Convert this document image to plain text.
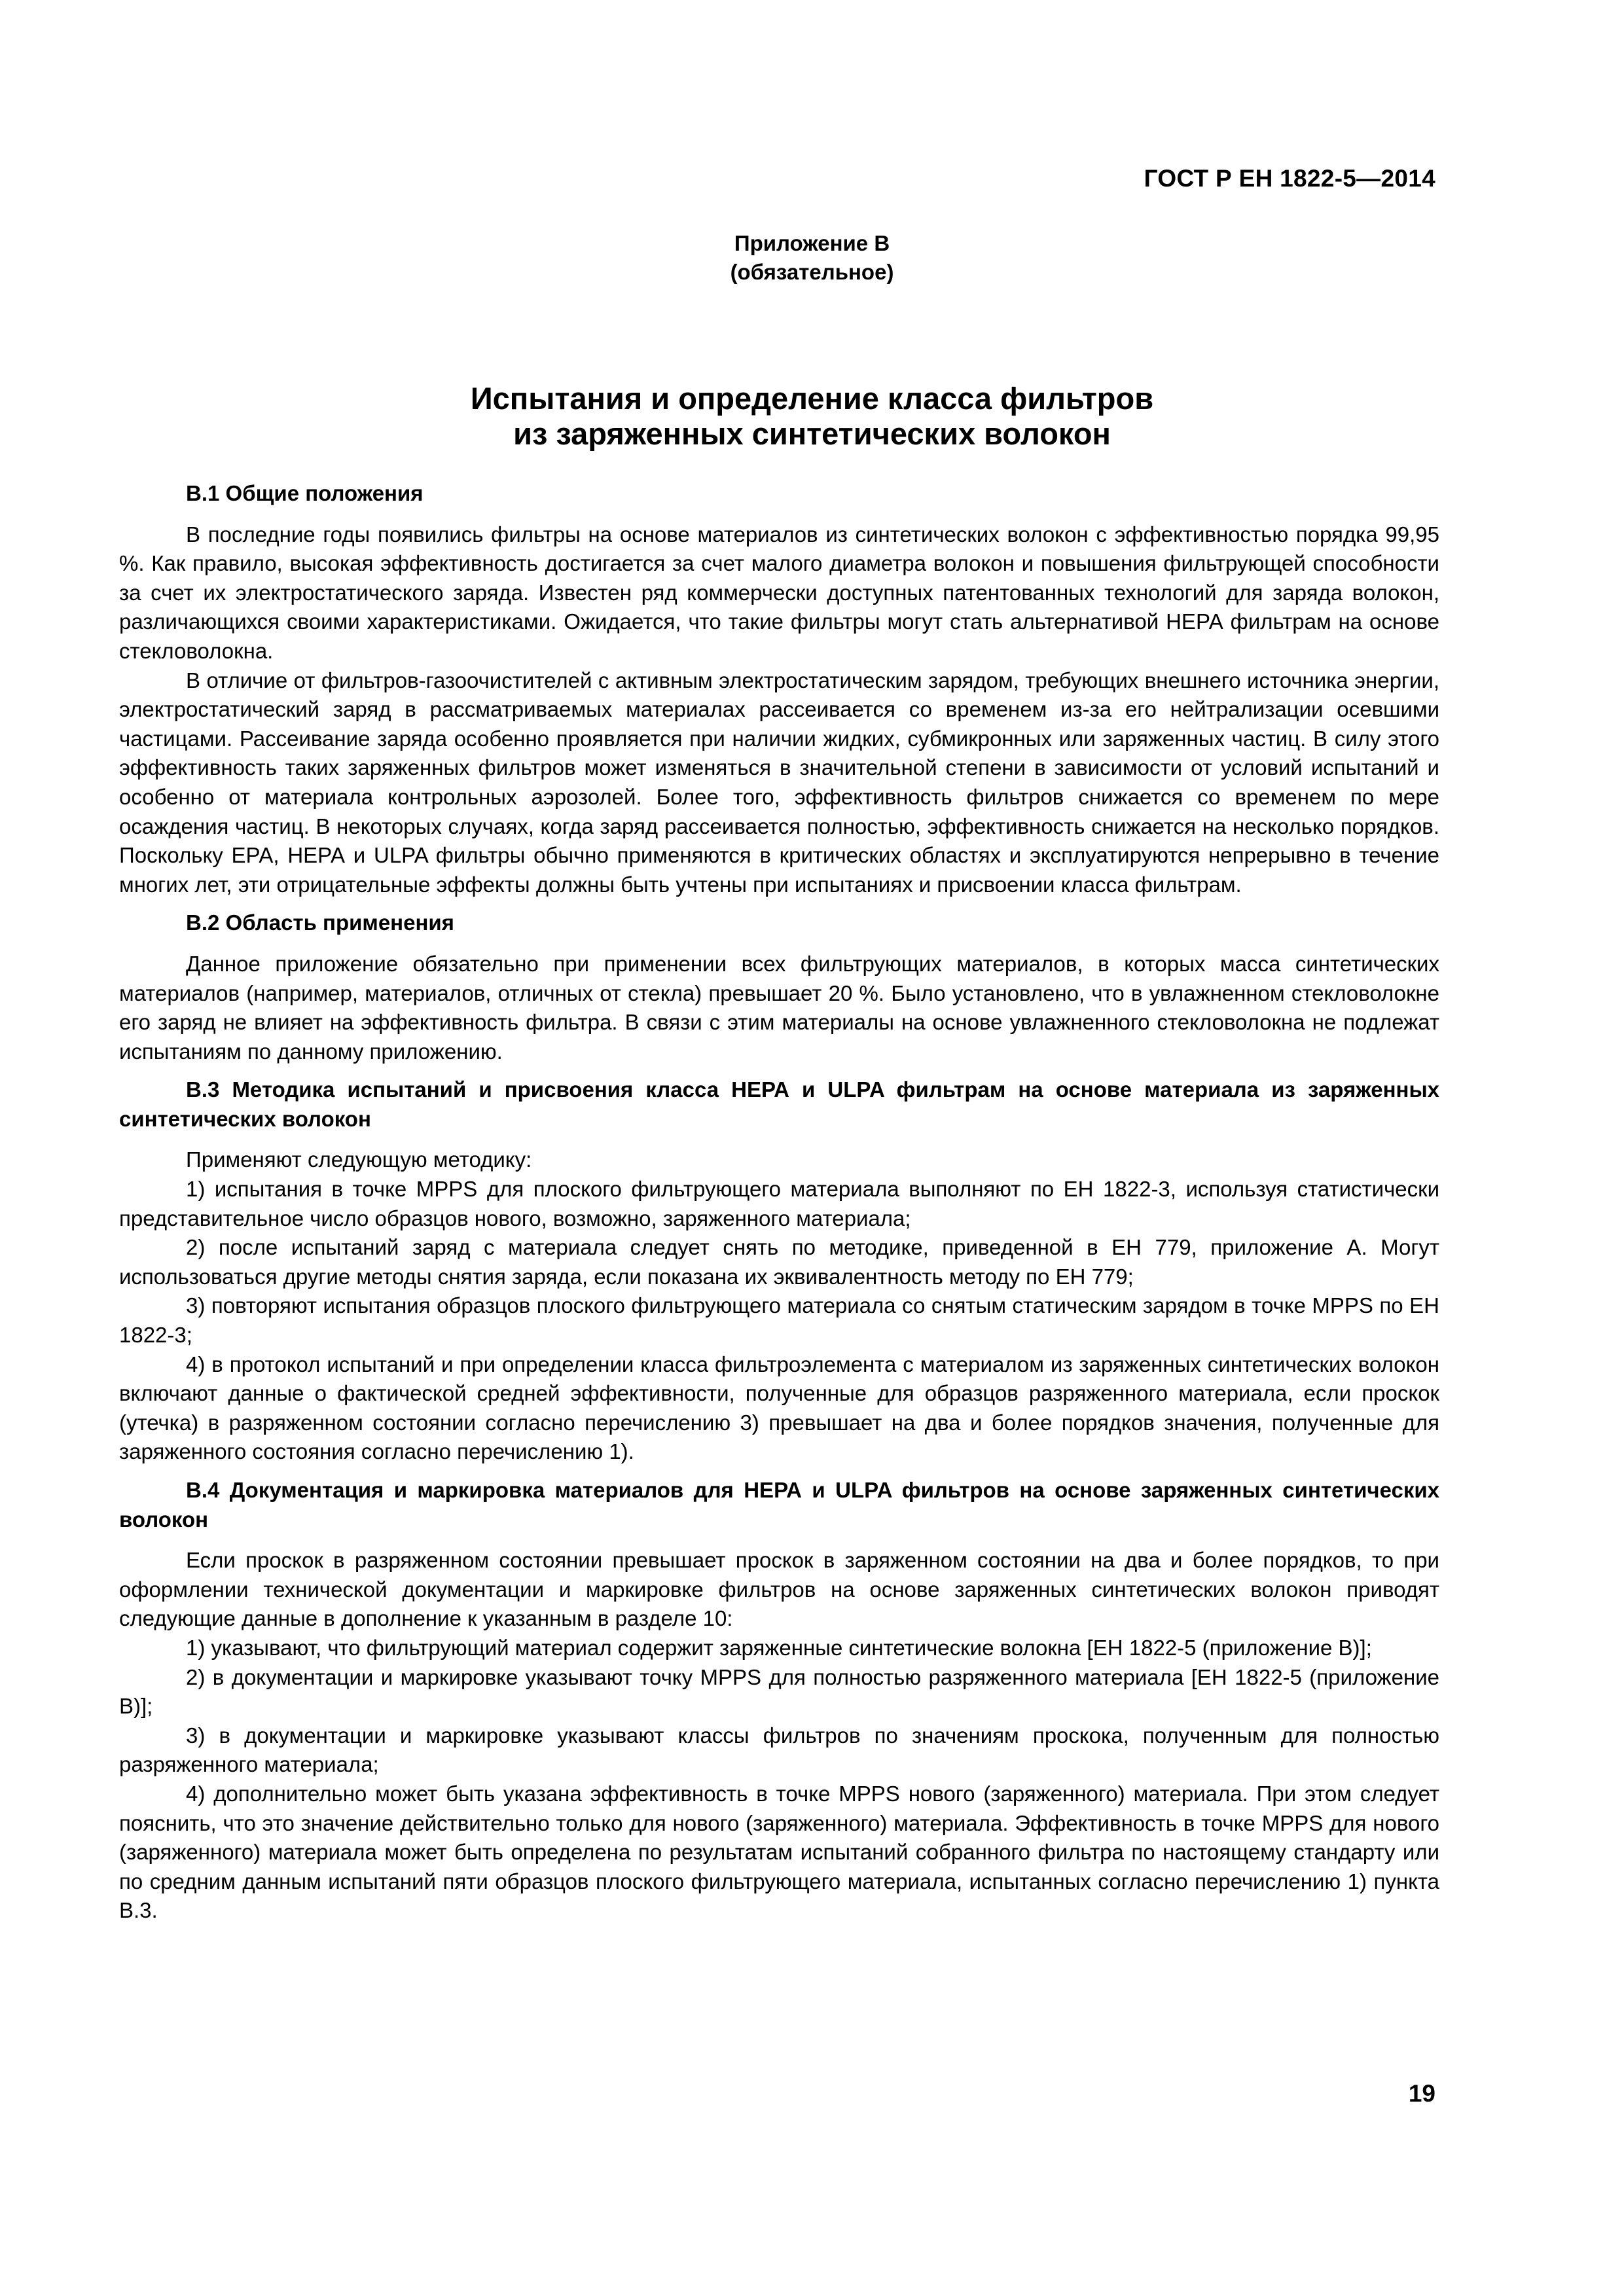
ГОСТ Р ЕН 1822-5—2014
Приложение В
(обязательное)
Испытания и определение класса фильтров
из заряженных синтетических волокон
В.1 Общие положения

В последние годы появились фильтры на основе материалов из синтетических волокон с эффективностью порядка 99,95 %. Как правило, высокая эффективность достигается за счет малого диаметра волокон и повышения фильтрующей способности за счет их электростатического заряда. Известен ряд коммерчески доступных патентованных технологий для заряда волокон, различающихся своими характеристиками. Ожидается, что такие фильтры могут стать альтернативой НЕРА фильтрам на основе стекловолокна.

В отличие от фильтров-газоочистителей с активным электростатическим зарядом, требующих внешнего источника энергии, электростатический заряд в рассматриваемых материалах рассеивается со временем из-за его нейтрализации осевшими частицами. Рассеивание заряда особенно проявляется при наличии жидких, субмикронных или заряженных частиц. В силу этого эффективность таких заряженных фильтров может изменяться в значительной степени в зависимости от условий испытаний и особенно от материала контрольных аэрозолей. Более того, эффективность фильтров снижается со временем по мере осаждения частиц. В некоторых случаях, когда заряд рассеивается полностью, эффективность снижается на несколько порядков. Поскольку ЕРА, НЕРА и ULPA фильтры обычно применяются в критических областях и эксплуатируются непрерывно в течение многих лет, эти отрицательные эффекты должны быть учтены при испытаниях и присвоении класса фильтрам.

В.2 Область применения

Данное приложение обязательно при применении всех фильтрующих материалов, в которых масса синтетических материалов (например, материалов, отличных от стекла) превышает 20 %. Было установлено, что в увлажненном стекловолокне его заряд не влияет на эффективность фильтра. В связи с этим материалы на основе увлажненного стекловолокна не подлежат испытаниям по данному приложению.

В.3 Методика испытаний и присвоения класса НЕРА и ULPA фильтрам на основе материала из заряженных синтетических волокон

Применяют следующую методику:

1) испытания в точке MPPS для плоского фильтрующего материала выполняют по ЕН 1822-3, используя статистически представительное число образцов нового, возможно, заряженного материала;

2) после испытаний заряд с материала следует снять по методике, приведенной в ЕН 779, приложение А. Могут использоваться другие методы снятия заряда, если показана их эквивалентность методу по ЕН 779;

3) повторяют испытания образцов плоского фильтрующего материала со снятым статическим зарядом в точке MPPS по ЕН 1822-3;

4) в протокол испытаний и при определении класса фильтроэлемента с материалом из заряженных синтетических волокон включают данные о фактической средней эффективности, полученные для образцов разряженного материала, если проскок (утечка) в разряженном состоянии согласно перечислению 3) превышает на два и более порядков значения, полученные для заряженного состояния согласно перечислению 1).

В.4 Документация и маркировка материалов для НЕРА и ULPA фильтров на основе заряженных синтетических волокон

Если проскок в разряженном состоянии превышает проскок в заряженном состоянии на два и более порядков, то при оформлении технической документации и маркировке фильтров на основе заряженных синтетических волокон приводят следующие данные в дополнение к указанным в разделе 10:

1) указывают, что фильтрующий материал содержит заряженные синтетические волокна [ЕН 1822-5 (приложение В)];

2) в документации и маркировке указывают точку MPPS для полностью разряженного материала [ЕН 1822-5 (приложение В)];

3) в документации и маркировке указывают классы фильтров по значениям проскока, полученным для полностью разряженного материала;

4) дополнительно может быть указана эффективность в точке MPPS нового (заряженного) материала. При этом следует пояснить, что это значение действительно только для нового (заряженного) материала. Эффективность в точке MPPS для нового (заряженного) материала может быть определена по результатам испытаний собранного фильтра по настоящему стандарту или по средним данным испытаний пяти образцов плоского фильтрующего материала, испытанных согласно перечислению 1) пункта В.3.

19
